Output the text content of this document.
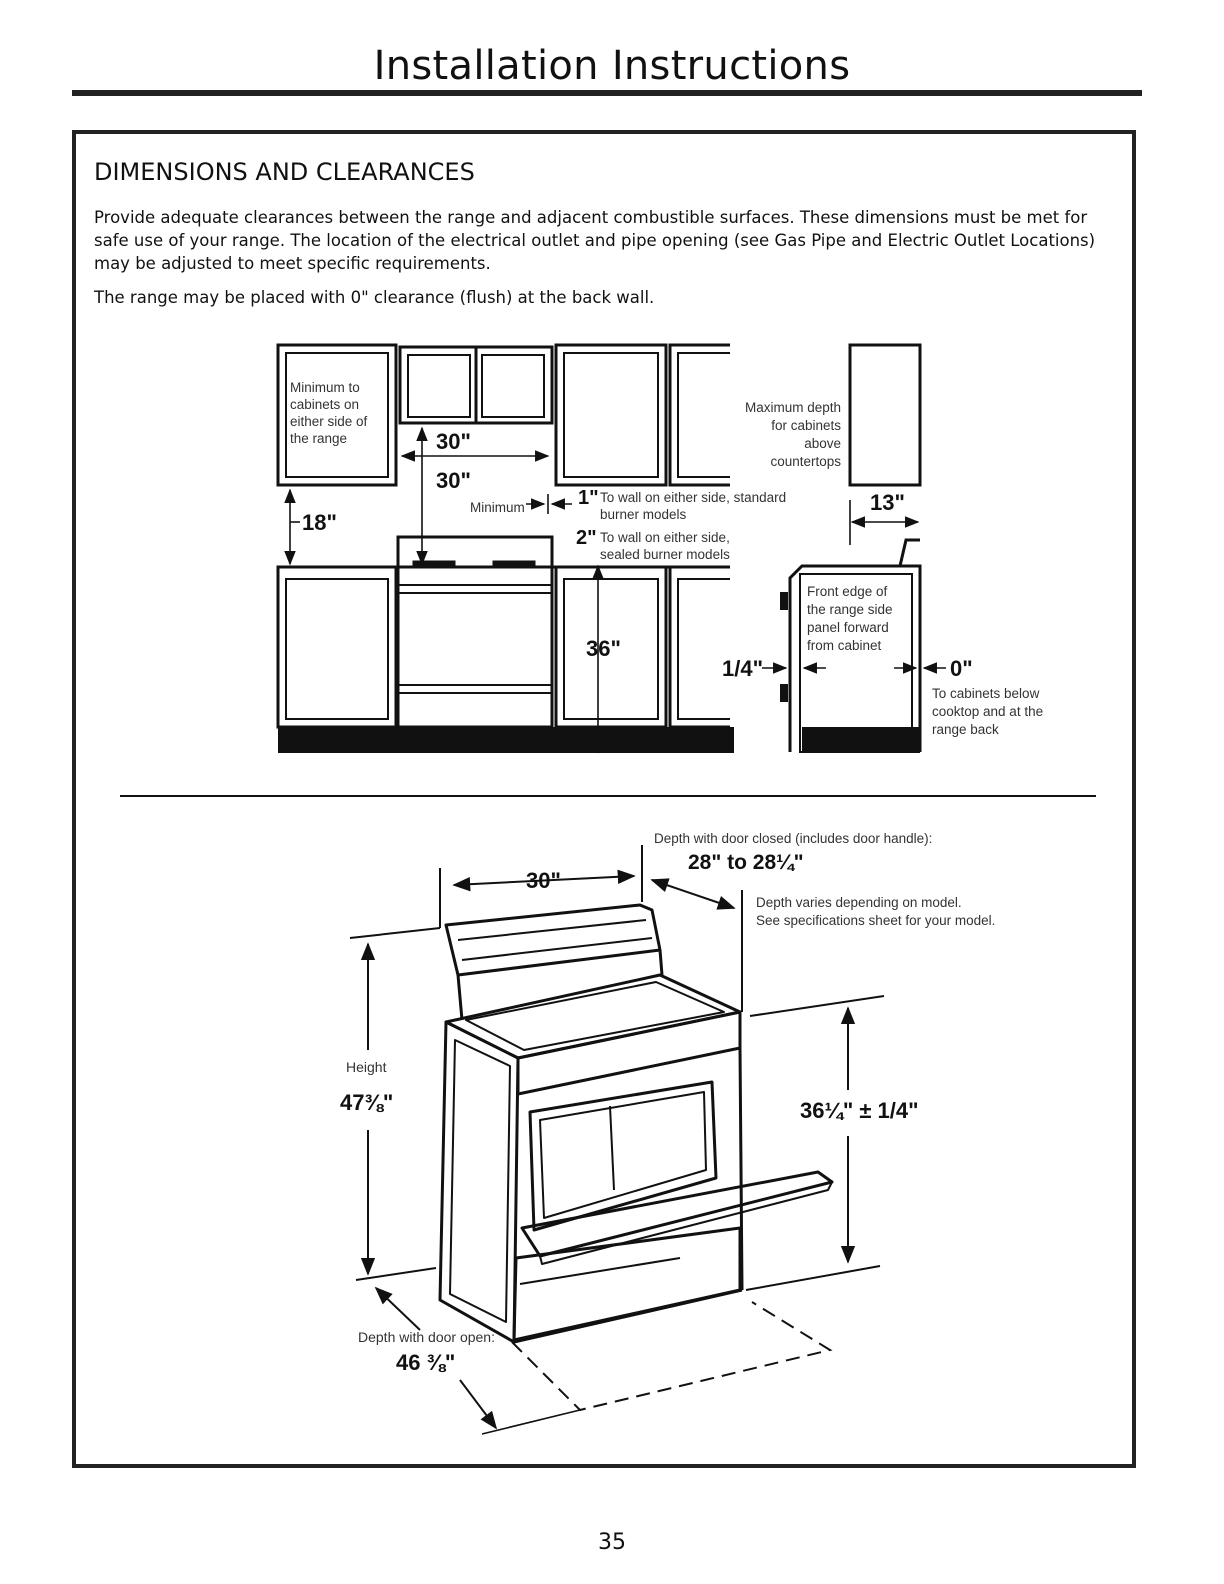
Installation Instructions
DIMENSIONS AND CLEARANCES
Provide adequate clearances between the range and adjacent combustible surfaces. These dimensions must be met for safe use of your range. The location of the electrical outlet and pipe opening (see Gas Pipe and Electric Outlet Locations) may be adjusted to meet specific requirements.
The range may be placed with 0" clearance (flush) at the back wall.
Minimum to
cabinets on
either side of
the range	30"
30"
18"
Minimum	1" To wall on either side, standard
burner models
2" To wall on either side,
sealed burner models
36"
Maximum depth
for cabinets
above
countertops
13"
Front edge of
the range side
panel forward
from cabinet
1/4"	0"
To cabinets below
cooktop and at the
range back
Depth with door closed (includes door handle):
28" to 28¼"
30"
Depth varies depending on model.
See specifications sheet for your model.
Height
47⅜"	36¼" ± 1/4"
Depth with door open:
46 ⅜"
35
